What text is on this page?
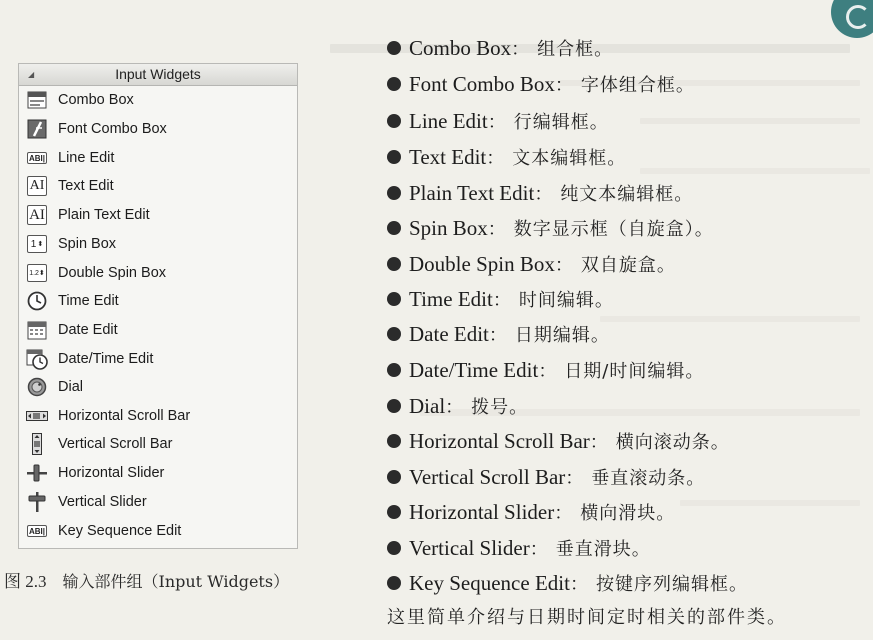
◢	Input Widgets
Combo Box
Font Combo Box
ABI| Line Edit
AI Text Edit
AI Plain Text Edit
1 ⬍ Spin Box
1.2 ⬍ Double Spin Box
Time Edit
Date Edit
Date/Time Edit
Dial
Horizontal Scroll Bar
Vertical Scroll Bar
Horizontal Slider
Vertical Slider
ABI| Key Sequence Edit
图 2.3 输入部件组（Input Widgets）
Combo Box ： 组合框。
Font Combo Box ： 字体组合框。
Line Edit ： 行编辑框。
Text Edit ： 文本编辑框。
Plain Text Edit ： 纯文本编辑框。
Spin Box ： 数字显示框（自旋盒）。
Double Spin Box ： 双自旋盒。
Time Edit ： 时间编辑。
Date Edit ： 日期编辑。
Date/Time Edit ： 日期/时间编辑。
Dial ： 拨号。
Horizontal Scroll Bar ： 横向滚动条。
Vertical Scroll Bar ： 垂直滚动条。
Horizontal Slider ： 横向滑块。
Vertical Slider ： 垂直滑块。
Key Sequence Edit ： 按键序列编辑框。
这里简单介绍与日期时间定时相关的部件类。
